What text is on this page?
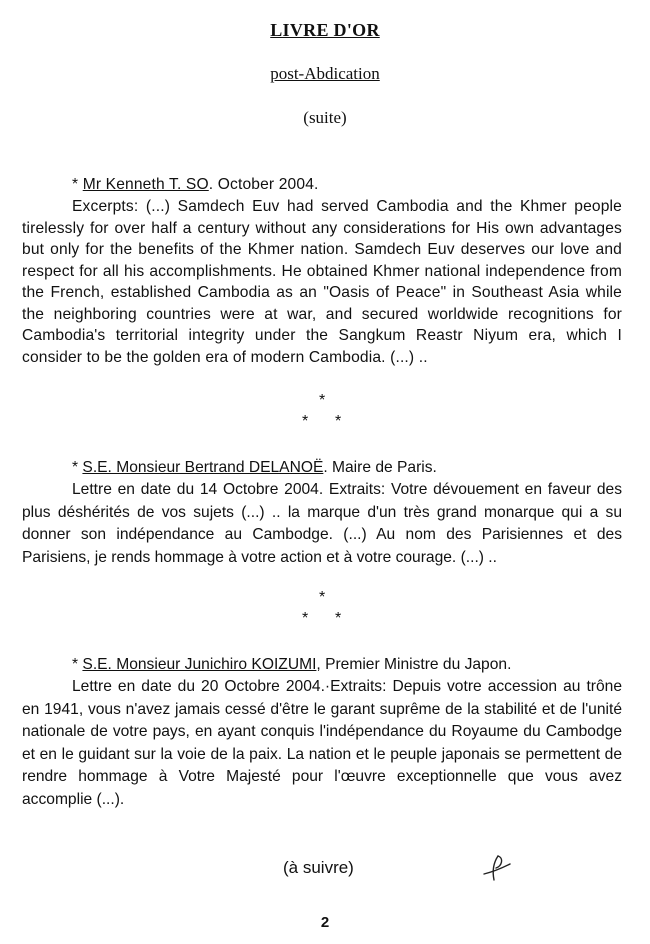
LIVRE D'OR
post-Abdication
(suite)
* Mr Kenneth T. SO. October 2004.
Excerpts: (...) Samdech Euv had served Cambodia and the Khmer people tirelessly for over half a century without any considerations for His own advantages but only for the benefits of the Khmer nation. Samdech Euv deserves our love and respect for all his accomplishments. He obtained Khmer national independence from the French, established Cambodia as an "Oasis of Peace" in Southeast Asia while the neighboring countries were at war, and secured worldwide recognitions for Cambodia's territorial integrity under the Sangkum Reastr Niyum era, which I consider to be the golden era of modern Cambodia. (...) ..
*
* *
* S.E. Monsieur Bertrand DELANOË. Maire de Paris.
Lettre en date du 14 Octobre 2004. Extraits: Votre dévouement en faveur des plus déshérités de vos sujets (...) .. la marque d'un très grand monarque qui a su donner son indépendance au Cambodge. (...) Au nom des Parisiennes et des Parisiens, je rends hommage à votre action et à votre courage. (...) ..
*
* *
* S.E. Monsieur Junichiro KOIZUMI, Premier Ministre du Japon.
Lettre en date du 20 Octobre 2004.·Extraits: Depuis votre accession au trône en 1941, vous n'avez jamais cessé d'être le garant suprême de la stabilité et de l'unité nationale de votre pays, en ayant conquis l'indépendance du Royaume du Cambodge et en le guidant sur la voie de la paix. La nation et le peuple japonais se permettent de rendre hommage à Votre Majesté pour l'œuvre exceptionnelle que vous avez accomplie (...).
(à suivre)
2
